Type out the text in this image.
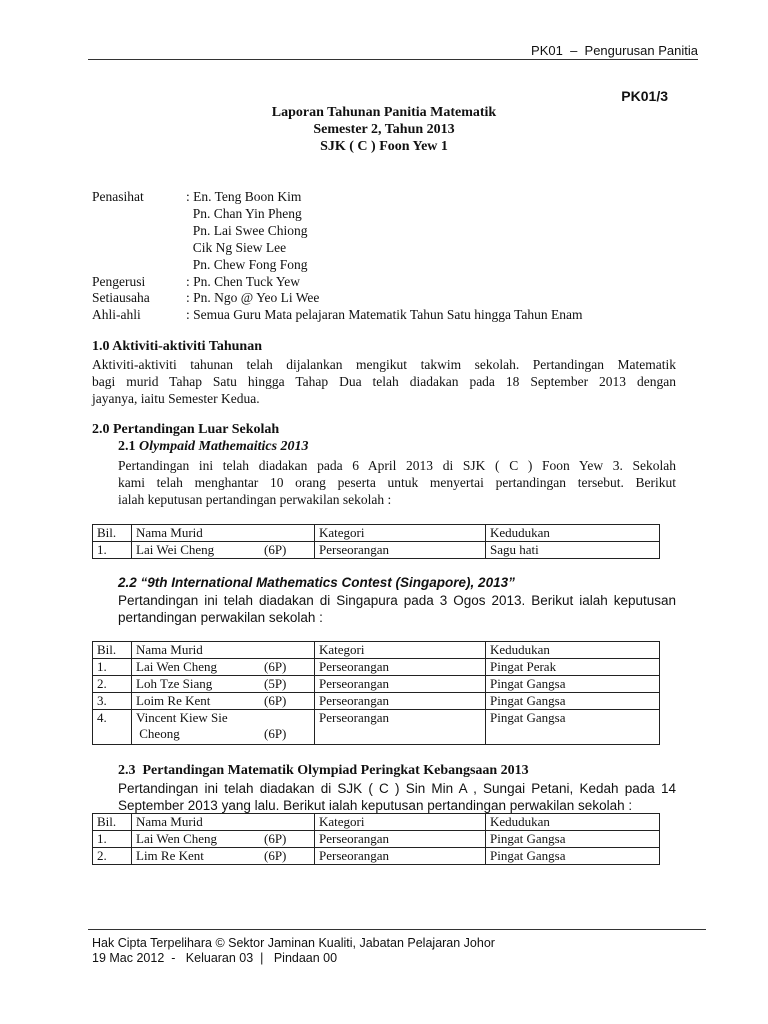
PK01  –  Pengurusan Panitia
PK01/3
Laporan Tahunan Panitia Matematik
Semester 2, Tahun 2013
SJK ( C ) Foon Yew 1
Penasihat	: En. Teng Boon Kim
Pn. Chan Yin Pheng
Pn. Lai Swee Chiong
Cik Ng Siew Lee
Pn. Chew Fong Fong
Pengerusi	: Pn. Chen Tuck Yew
Setiausaha	: Pn. Ngo @ Yeo Li Wee
Ahli-ahli	: Semua Guru Mata pelajaran Matematik Tahun Satu hingga Tahun Enam
1.0 Aktiviti-aktiviti Tahunan
Aktiviti-aktiviti tahunan telah dijalankan mengikut takwim sekolah. Pertandingan Matematik
bagi murid Tahap Satu hingga Tahap Dua telah diadakan pada 18 September 2013 dengan
jayanya, iaitu Semester Kedua.
2.0 Pertandingan Luar Sekolah
2.1 Olympaid Mathemaitics 2013
Pertandingan ini telah diadakan pada 6 April 2013 di SJK ( C ) Foon Yew 3. Sekolah
kami telah menghantar 10 orang peserta untuk menyertai pertandingan tersebut. Berikut
ialah keputusan pertandingan perwakilan sekolah :
Bil.	Nama Murid	Kategori	Kedudukan
1.	Lai Wei Cheng (6P)	Perseorangan	Sagu hati
2.2 “9th International Mathematics Contest (Singapore), 2013”
Pertandingan ini telah diadakan di Singapura pada 3 Ogos 2013. Berikut ialah keputusan
pertandingan perwakilan sekolah :
Bil.	Nama Murid	Kategori	Kedudukan
1.	Lai Wen Cheng (6P)	Perseorangan	Pingat Perak
2.	Loh Tze Siang (5P)	Perseorangan	Pingat Gangsa
3.	Loim Re Kent (6P)	Perseorangan	Pingat Gangsa
4.	Vincent Kiew Sie
Cheong (6P)	Perseorangan	Pingat Gangsa
2.3  Pertandingan Matematik Olympiad Peringkat Kebangsaan 2013
Pertandingan ini telah diadakan di SJK ( C ) Sin Min A , Sungai Petani, Kedah pada 14
September 2013 yang lalu. Berikut ialah keputusan pertandingan perwakilan sekolah :
Bil.	Nama Murid	Kategori	Kedudukan
1.	Lai Wen Cheng (6P)	Perseorangan	Pingat Gangsa
2.	Lim Re Kent (6P)	Perseorangan	Pingat Gangsa
Hak Cipta Terpelihara © Sektor Jaminan Kualiti, Jabatan Pelajaran Johor
19 Mac 2012  -   Keluaran 03  |   Pindaan 00
